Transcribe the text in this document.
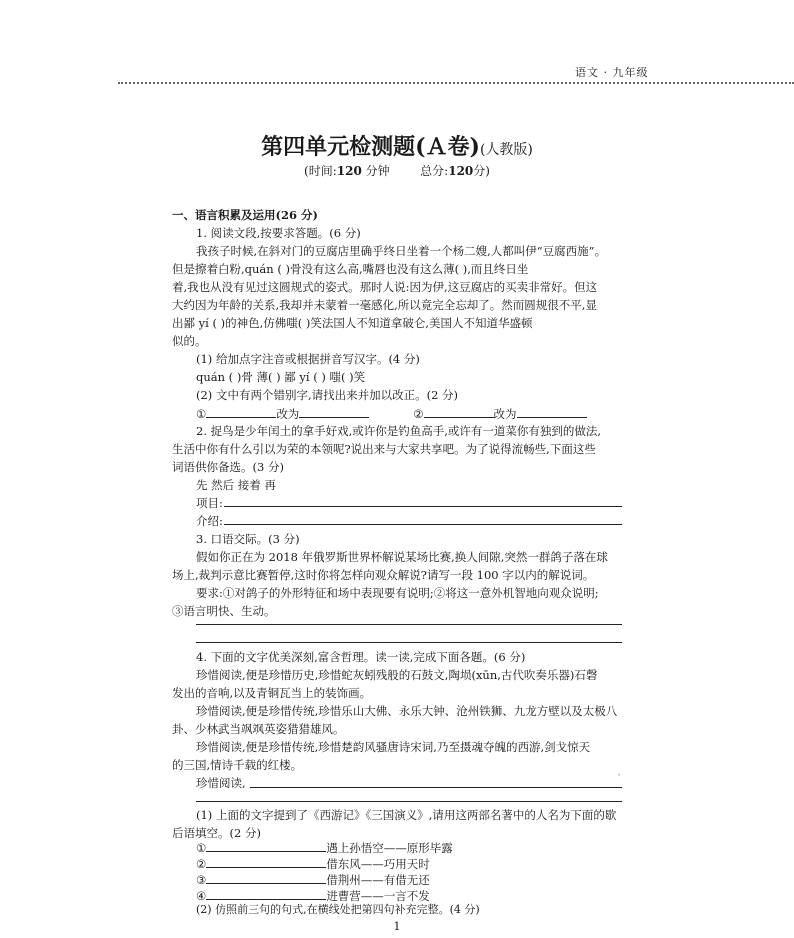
语文 · 九年级
第四单元检测题(Ａ卷)(人教版)
(时间:120 分钟	总分:120分)
一、语言积累及运用(26 分)
1. 阅读文段,按要求答题。(6 分)
我孩子时候,在斜对门的豆腐店里确乎终日坐着一个杨二嫂,人都叫伊“豆腐西施”。
但是擦着白粉,quán ( )骨没有这么高,嘴唇也没有这么薄( ),而且终日坐
着,我也从没有见过这圆规式的姿式。那时人说:因为伊,这豆腐店的买卖非常好。但这
大约因为年龄的关系,我却并未蒙着一毫感化,所以竟完全忘却了。然而圆规很不平,显
出鄙 yí ( )的神色,仿佛嗤( )笑法国人不知道拿破仑,美国人不知道华盛顿
似的。
(1) 给加点字注音或根据拼音写汉字。(4 分)
quán ( )骨 薄( ) 鄙 yí ( ) 嗤( )笑
(2) 文中有两个错别字,请找出来并加以改正。(2 分)
①	改为	②	改为
2. 捉鸟是少年闰土的拿手好戏,或许你是钓鱼高手,或许有一道菜你有独到的做法,
生活中你有什么引以为荣的本领呢?说出来与大家共享吧。为了说得流畅些,下面这些
词语供你备选。(3 分)
先 然后 接着 再
项目:
介绍:
3. 口语交际。(3 分)
假如你正在为 2018 年俄罗斯世界杯解说某场比赛,换人间隙,突然一群鸽子落在球
场上,裁判示意比赛暂停,这时你将怎样向观众解说?请写一段 100 字以内的解说词。
要求:①对鸽子的外形特征和场中表现要有说明;②将这一意外机智地向观众说明;
③语言明快、生动。
4. 下面的文字优美深刻,富含哲理。读一读,完成下面各题。(6 分)
珍惜阅读,便是珍惜历史,珍惜蛇灰蚓残般的石鼓文,陶埙(xūn,古代吹奏乐器)石磬
发出的音响,以及青铜瓦当上的装饰画。
珍惜阅读,便是珍惜传统,珍惜乐山大佛、永乐大钟、沧州铁狮、九龙方壁以及太极八
卦、少林武当飒飒英姿猎猎雄风。
珍惜阅读,便是珍惜传统,珍惜楚韵风骚唐诗宋词,乃至摄魂夺魄的西游,剑戈惊天
的三国,情诗千载的红楼。
珍惜阅读,
。
(1) 上面的文字提到了《西游记》《三国演义》,请用这两部名著中的人名为下面的歇
后语填空。(2 分)
①	遇上孙悟空——原形毕露
②	借东风——巧用天时
③	借荆州——有借无还
④	进曹营——一言不发
1
(2) 仿照前三句的句式,在横线处把第四句补充完整。(4 分)
